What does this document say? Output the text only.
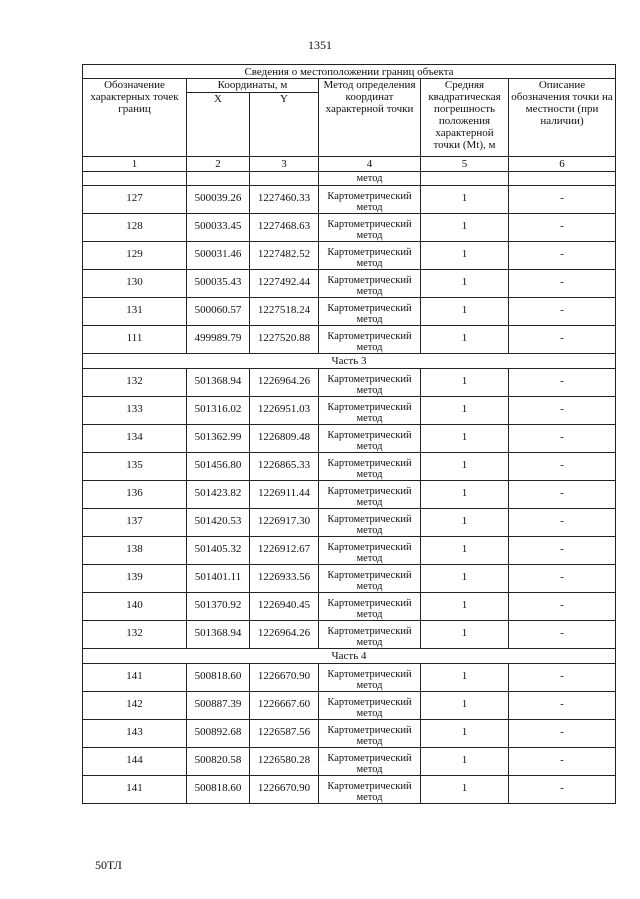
1351
Сведения о местоположении границ объекта					
Обозначение характерных точек границ	Координаты, м		Метод определения координат характерной точки	Средняя квадратическая погрешность положения характерной точки (Mt), м	Описание обозначения точки на местности (при наличии)
	X	Y			
1	2	3	4	5	6
			метод		
127	500039.26	1227460.33	Картометрический метод	1	-
128	500033.45	1227468.63	Картометрический метод	1	-
129	500031.46	1227482.52	Картометрический метод	1	-
130	500035.43	1227492.44	Картометрический метод	1	-
131	500060.57	1227518.24	Картометрический метод	1	-
111	499989.79	1227520.88	Картометрический метод	1	-
Часть 3					
132	501368.94	1226964.26	Картометрический метод	1	-
133	501316.02	1226951.03	Картометрический метод	1	-
134	501362.99	1226809.48	Картометрический метод	1	-
135	501456.80	1226865.33	Картометрический метод	1	-
136	501423.82	1226911.44	Картометрический метод	1	-
137	501420.53	1226917.30	Картометрический метод	1	-
138	501405.32	1226912.67	Картометрический метод	1	-
139	501401.11	1226933.56	Картометрический метод	1	-
140	501370.92	1226940.45	Картометрический метод	1	-
132	501368.94	1226964.26	Картометрический метод	1	-
Часть 4					
141	500818.60	1226670.90	Картометрический метод	1	-
142	500887.39	1226667.60	Картометрический метод	1	-
143	500892.68	1226587.56	Картометрический метод	1	-
144	500820.58	1226580.28	Картометрический метод	1	-
141	500818.60	1226670.90	Картометрический метод	1	-
50ТЛ
